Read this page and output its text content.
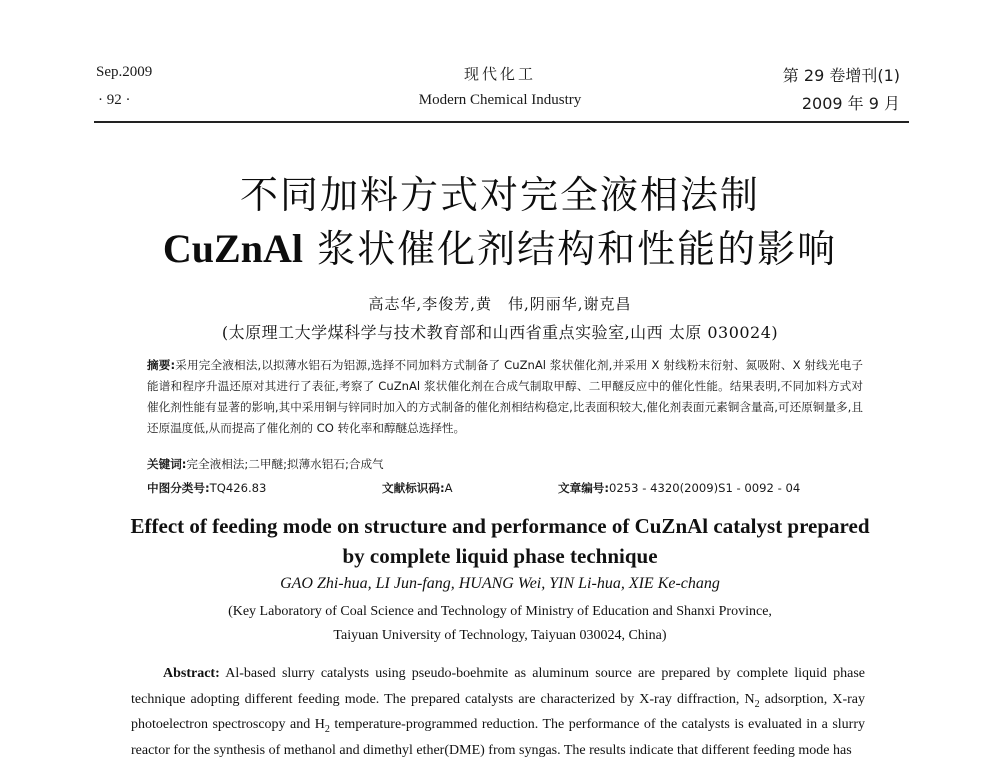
Sep.2009
· 92 ·
现代化工
Modern Chemical Industry
第 29 卷增刊(1)
2009 年 9 月
不同加料方式对完全液相法制
CuZnAl 浆状催化剂结构和性能的影响
高志华,李俊芳,黄　伟,阴丽华,谢克昌
(太原理工大学煤科学与技术教育部和山西省重点实验室,山西 太原 030024)
摘要:采用完全液相法,以拟薄水铝石为铝源,选择不同加料方式制备了 CuZnAl 浆状催化剂,并采用 X 射线粉末衍射、氮吸附、X 射线光电子能谱和程序升温还原对其进行了表征,考察了 CuZnAl 浆状催化剂在合成气制取甲醇、二甲醚反应中的催化性能。结果表明,不同加料方式对催化剂性能有显著的影响,其中采用铜与锌同时加入的方式制备的催化剂相结构稳定,比表面积较大,催化剂表面元素铜含量高,可还原铜量多,且还原温度低,从而提高了催化剂的 CO 转化率和醇醚总选择性。
关键词:完全液相法;二甲醚;拟薄水铝石;合成气
中图分类号:TQ426.83	文献标识码:A	文章编号:0253 - 4320(2009)S1 - 0092 - 04
Effect of feeding mode on structure and performance of CuZnAl catalyst prepared
by complete liquid phase technique
GAO Zhi-hua, LI Jun-fang, HUANG Wei, YIN Li-hua, XIE Ke-chang
(Key Laboratory of Coal Science and Technology of Ministry of Education and Shanxi Province,
Taiyuan University of Technology, Taiyuan 030024, China)
Abstract: Al-based slurry catalysts using pseudo-boehmite as aluminum source are prepared by complete liquid phase technique adopting different feeding mode. The prepared catalysts are characterized by X-ray diffraction, $N_2$ adsorption, X-ray photoelectron spectroscopy and $H_2$ temperature-programmed reduction. The performance of the catalysts is evaluated in a slurry reactor for the synthesis of methanol and dimethyl ether(DME) from syngas. The results indicate that different feeding mode has
